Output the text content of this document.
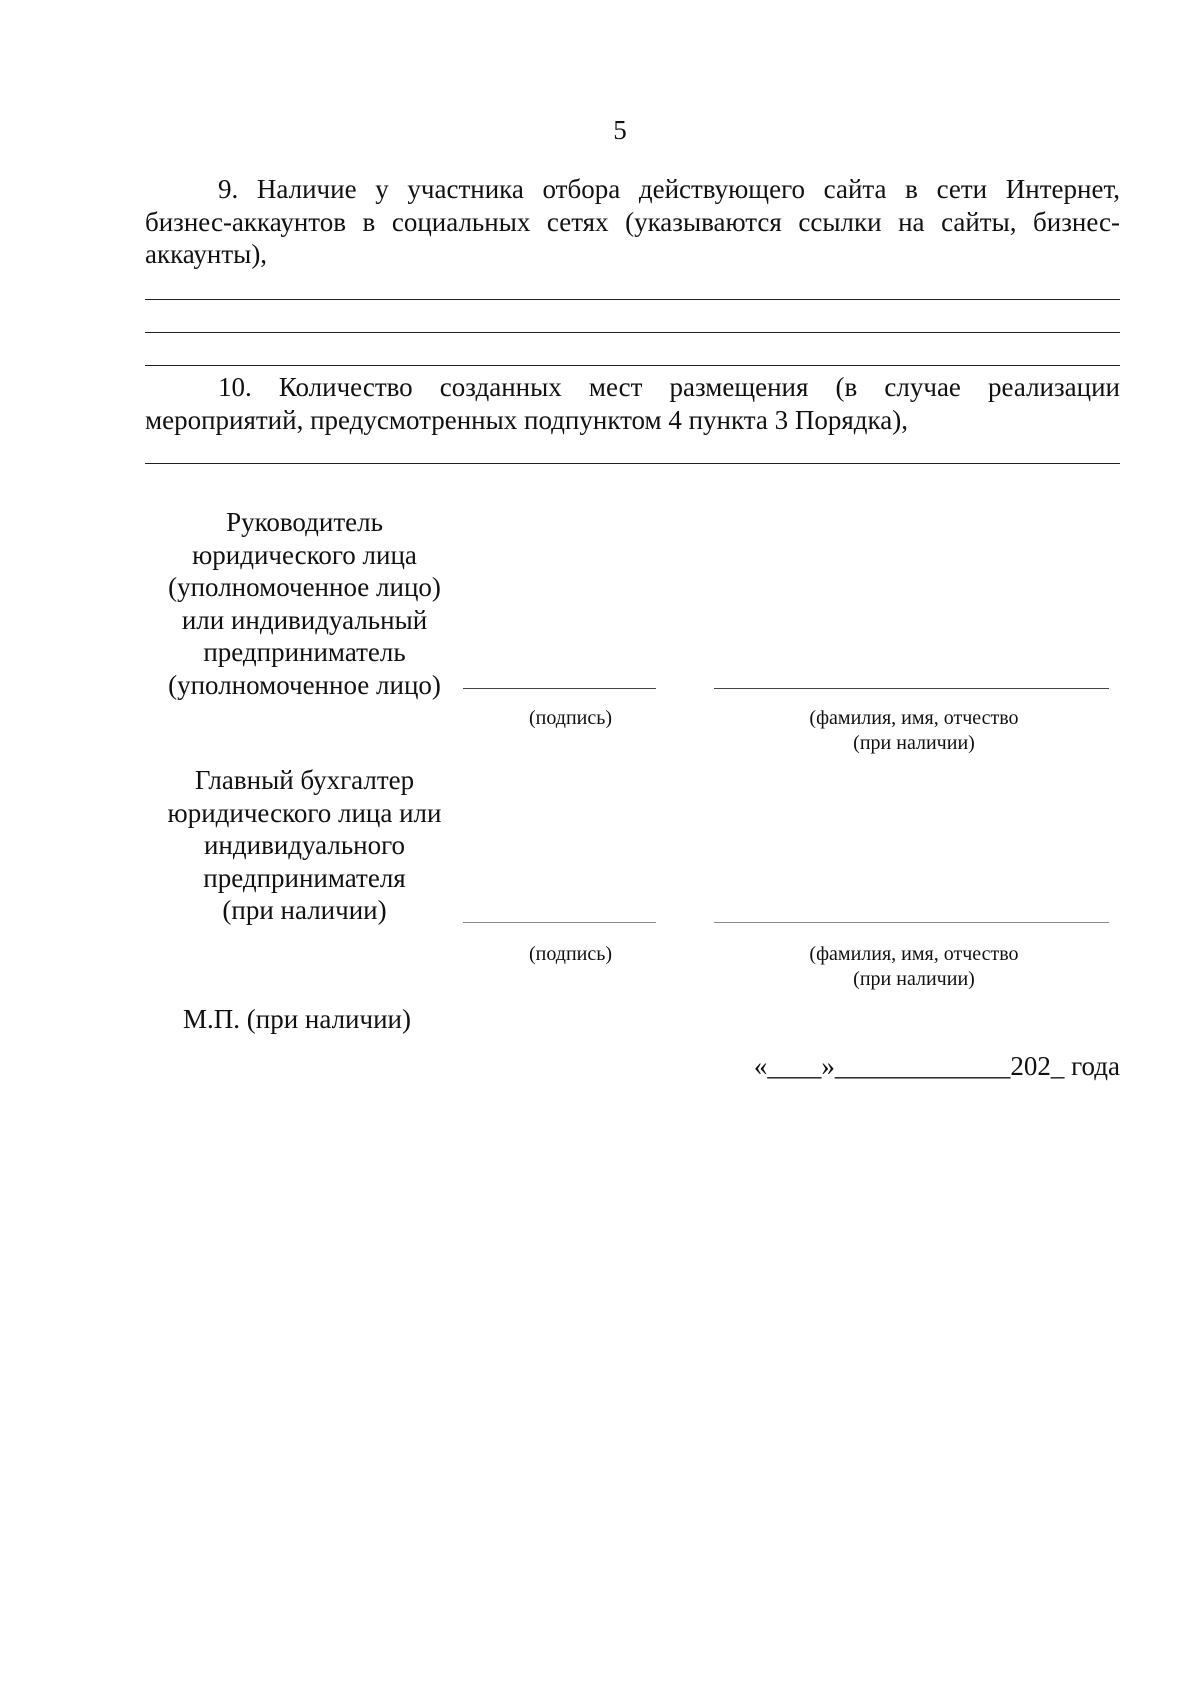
5
9. Наличие у участника отбора действующего сайта в сети Интернет,
бизнес-аккаунтов в социальных сетях (указываются ссылки на сайты, бизнес-аккаунты),
10. Количество созданных мест размещения (в случае реализации
мероприятий, предусмотренных подпунктом 4 пункта 3 Порядка),
Руководитель
юридического лица
(уполномоченное лицо)
или индивидуальный
предприниматель
(уполномоченное лицо)
(подпись)	(фамилия, имя, отчество
(при наличии)
Главный бухгалтер
юридического лица или
индивидуального
предпринимателя
(при наличии)
(подпись)	(фамилия, имя, отчество
(при наличии)
М.П. (при наличии)
«____»_____________202_ года
